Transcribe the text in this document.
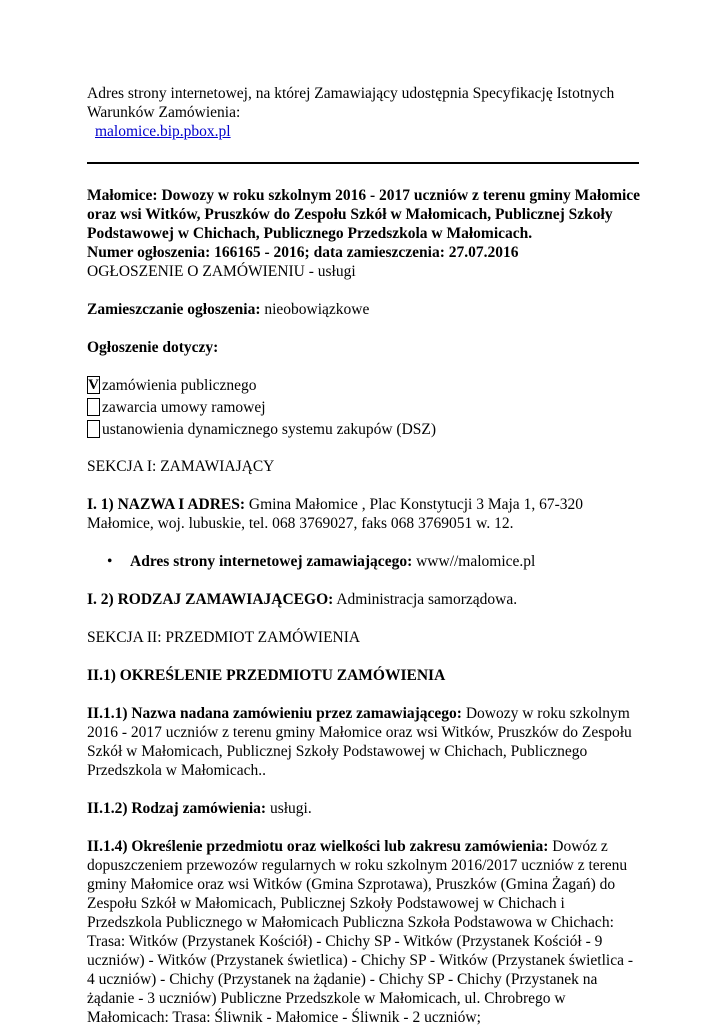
Adres strony internetowej, na której Zamawiający udostępnia Specyfikację Istotnych Warunków Zamówienia:

malomice.bip.pbox.pl

Małomice: Dowozy w roku szkolnym 2016 - 2017 uczniów z terenu gminy Małomice oraz wsi Witków, Pruszków do Zespołu Szkół w Małomicach, Publicznej Szkoły Podstawowej w Chichach, Publicznego Przedszkola w Małomicach.

Numer ogłoszenia: 166165 - 2016; data zamieszczenia: 27.07.2016

OGŁOSZENIE O ZAMÓWIENIU - usługi

Zamieszczanie ogłoszenia: nieobowiązkowe

Ogłoszenie dotyczy:

V zamówienia publicznego
zawarcia umowy ramowej
ustanowienia dynamicznego systemu zakupów (DSZ)

SEKCJA I: ZAMAWIAJĄCY

I. 1) NAZWA I ADRES: Gmina Małomice , Plac Konstytucji 3 Maja 1, 67-320 Małomice, woj. lubuskie, tel. 068 3769027, faks 068 3769051 w. 12.

•	Adres strony internetowej zamawiającego: www//malomice.pl

I. 2) RODZAJ ZAMAWIAJĄCEGO: Administracja samorządowa.

SEKCJA II: PRZEDMIOT ZAMÓWIENIA

II.1) OKREŚLENIE PRZEDMIOTU ZAMÓWIENIA

II.1.1) Nazwa nadana zamówieniu przez zamawiającego: Dowozy w roku szkolnym 2016 - 2017 uczniów z terenu gminy Małomice oraz wsi Witków, Pruszków do Zespołu Szkół w Małomicach, Publicznej Szkoły Podstawowej w Chichach, Publicznego Przedszkola w Małomicach..

II.1.2) Rodzaj zamówienia: usługi.

II.1.4) Określenie przedmiotu oraz wielkości lub zakresu zamówienia: Dowóz z dopuszczeniem przewozów regularnych w roku szkolnym 2016/2017 uczniów z terenu gminy Małomice oraz wsi Witków (Gmina Szprotawa), Pruszków (Gmina Żagań) do Zespołu Szkół w Małomicach, Publicznej Szkoły Podstawowej w Chichach i Przedszkola Publicznego w Małomicach Publiczna Szkoła Podstawowa w Chichach: Trasa: Witków (Przystanek Kościół) - Chichy SP - Witków (Przystanek Kościół - 9 uczniów) - Witków (Przystanek świetlica) - Chichy SP - Witków (Przystanek świetlica - 4 uczniów) - Chichy (Przystanek na żądanie) - Chichy SP - Chichy (Przystanek na żądanie - 3 uczniów) Publiczne Przedszkole w Małomicach, ul. Chrobrego w Małomicach: Trasa: Śliwnik - Małomice - Śliwnik - 2 uczniów;
